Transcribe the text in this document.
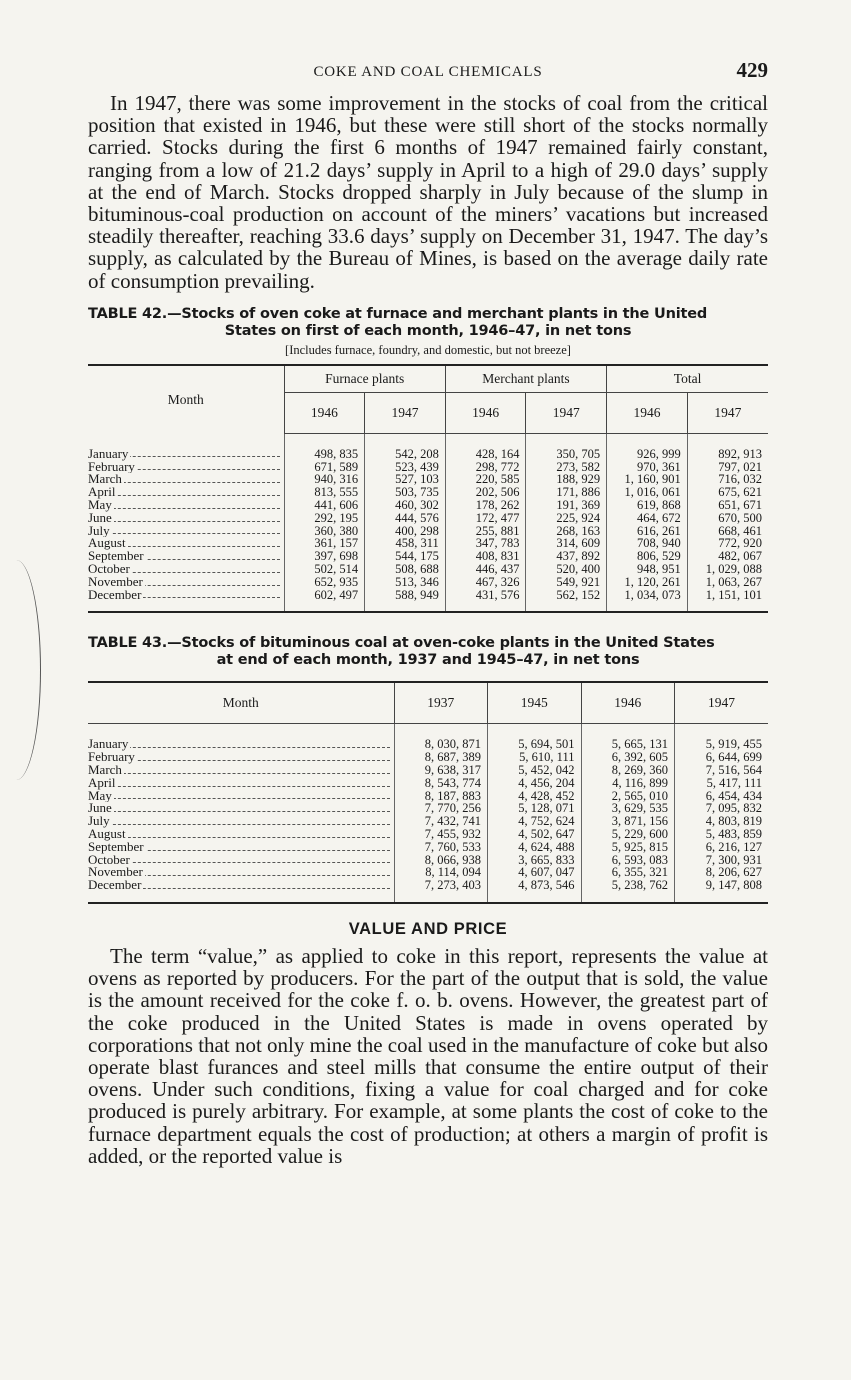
COKE AND COAL CHEMICALS	429

In 1947, there was some improvement in the stocks of coal from the critical position that existed in 1946, but these were still short of the stocks normally carried. Stocks during the first 6 months of 1947 remained fairly constant, ranging from a low of 21.2 days’ supply in April to a high of 29.0 days’ supply at the end of March. Stocks dropped sharply in July because of the slump in bituminous-coal production on account of the miners’ vacations but increased steadily thereafter, reaching 33.6 days’ supply on December 31, 1947. The day’s supply, as calculated by the Bureau of Mines, is based on the average daily rate of consumption prevailing.

TABLE 42.—Stocks of oven coke at furnace and merchant plants in the United
States on first of each month, 1946–47, in net tons
[Includes furnace, foundry, and domestic, but not breeze]
Month	Furnace plants		Merchant plants		Total	
	1946	1947	1946	1947	1946	1947

January	498, 835	542, 208	428, 164	350, 705	926, 999	892, 913

February	671, 589	523, 439	298, 772	273, 582	970, 361	797, 021

March	940, 316	527, 103	220, 585	188, 929	1, 160, 901	716, 032

April	813, 555	503, 735	202, 506	171, 886	1, 016, 061	675, 621

May	441, 606	460, 302	178, 262	191, 369	619, 868	651, 671

June	292, 195	444, 576	172, 477	225, 924	464, 672	670, 500

July	360, 380	400, 298	255, 881	268, 163	616, 261	668, 461

August	361, 157	458, 311	347, 783	314, 609	708, 940	772, 920

September	397, 698	544, 175	408, 831	437, 892	806, 529	482, 067

October	502, 514	508, 688	446, 437	520, 400	948, 951	1, 029, 088

November	652, 935	513, 346	467, 326	549, 921	1, 120, 261	1, 063, 267

December	602, 497	588, 949	431, 576	562, 152	1, 034, 073	1, 151, 101
TABLE 43.—Stocks of bituminous coal at oven-coke plants in the United States
at end of each month, 1937 and 1945–47, in net tons
Month	1937	1945	1946	1947

January	8, 030, 871	5, 694, 501	5, 665, 131	5, 919, 455

February	8, 687, 389	5, 610, 111	6, 392, 605	6, 644, 699

March	9, 638, 317	5, 452, 042	8, 269, 360	7, 516, 564

April	8, 543, 774	4, 456, 204	4, 116, 899	5, 417, 111

May	8, 187, 883	4, 428, 452	2, 565, 010	6, 454, 434

June	7, 770, 256	5, 128, 071	3, 629, 535	7, 095, 832

July	7, 432, 741	4, 752, 624	3, 871, 156	4, 803, 819

August	7, 455, 932	4, 502, 647	5, 229, 600	5, 483, 859

September	7, 760, 533	4, 624, 488	5, 925, 815	6, 216, 127

October	8, 066, 938	3, 665, 833	6, 593, 083	7, 300, 931

November	8, 114, 094	4, 607, 047	6, 355, 321	8, 206, 627

December	7, 273, 403	4, 873, 546	5, 238, 762	9, 147, 808
VALUE AND PRICE

The term “value,” as applied to coke in this report, represents the value at ovens as reported by producers. For the part of the output that is sold, the value is the amount received for the coke f. o. b. ovens. However, the greatest part of the coke produced in the United States is made in ovens operated by corporations that not only mine the coal used in the manufacture of coke but also operate blast furances and steel mills that consume the entire output of their ovens. Under such conditions, fixing a value for coal charged and for coke produced is purely arbitrary. For example, at some plants the cost of coke to the furnace department equals the cost of production; at others a margin of profit is added, or the reported value is
